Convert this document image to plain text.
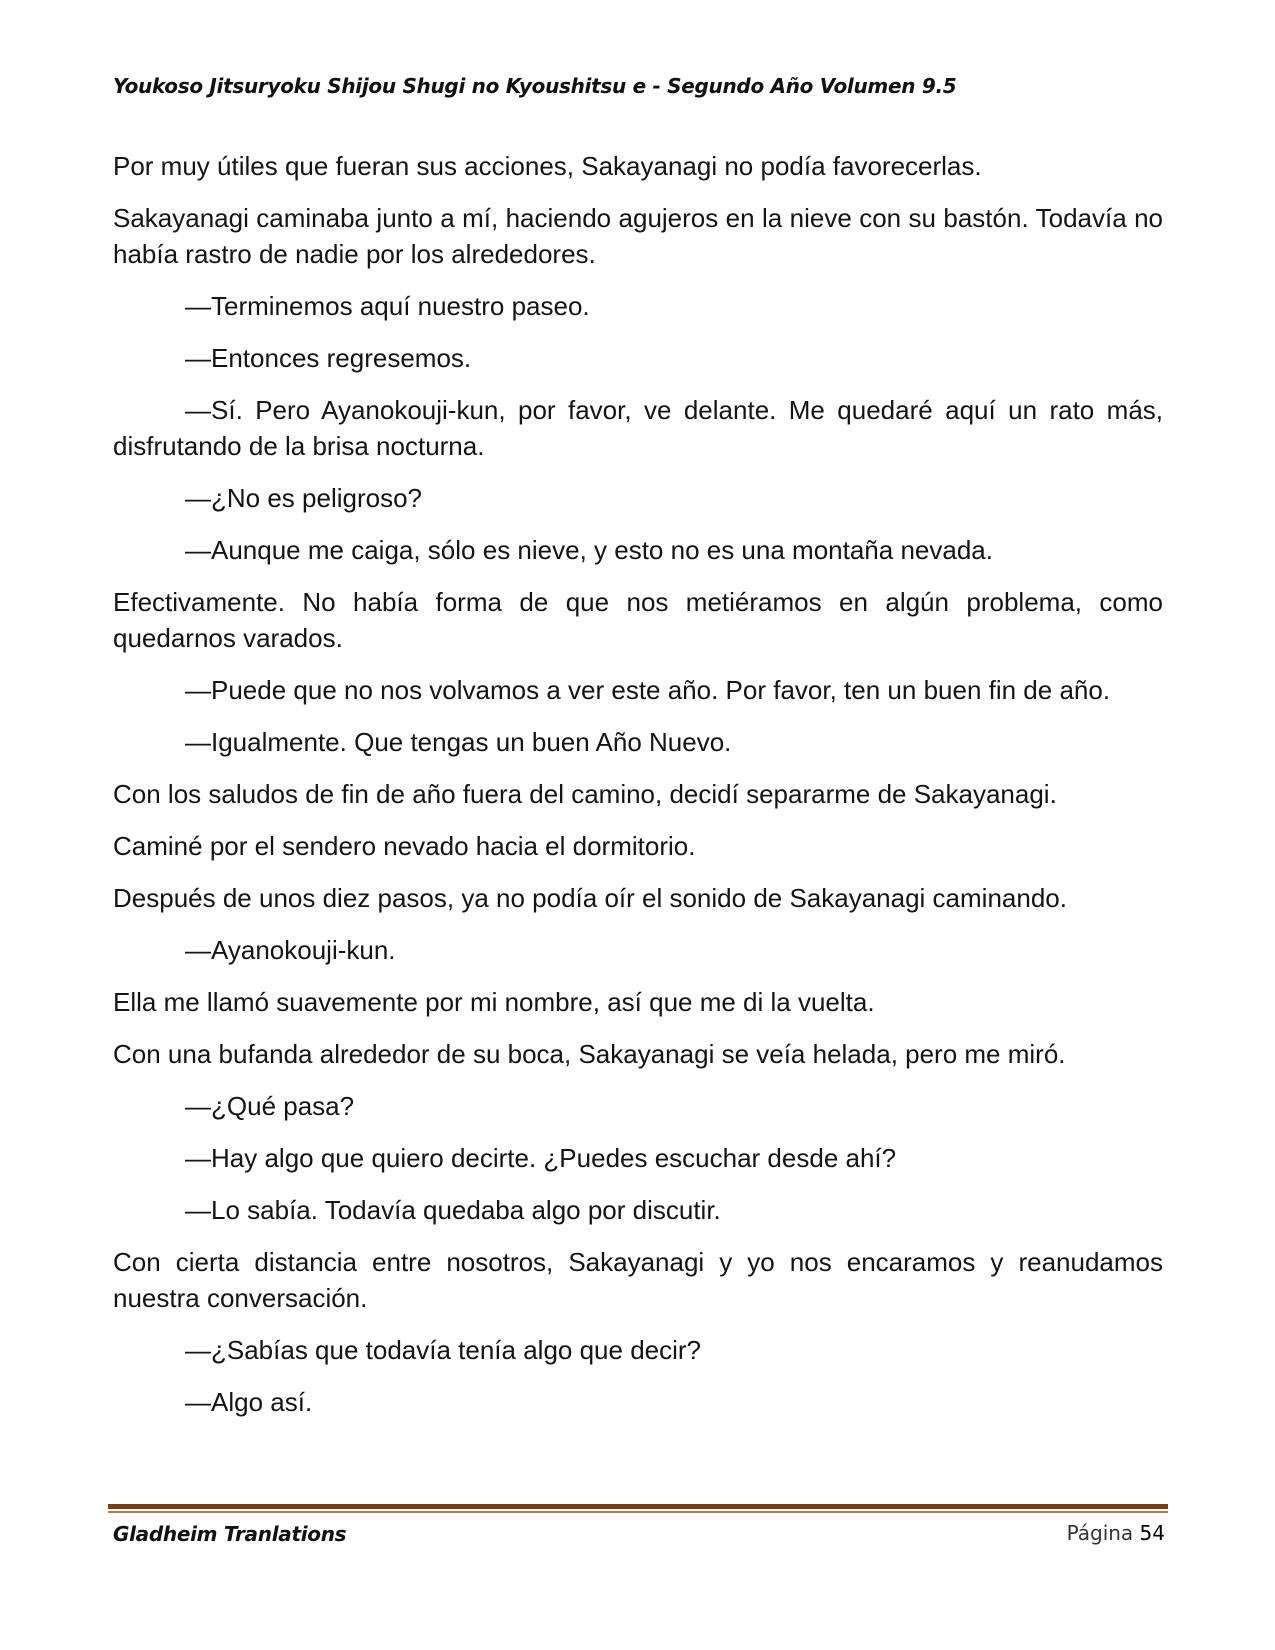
Youkoso Jitsuryoku Shijou Shugi no Kyoushitsu e - Segundo Año Volumen 9.5

Por muy útiles que fueran sus acciones, Sakayanagi no podía favorecerlas.

Sakayanagi caminaba junto a mí, haciendo agujeros en la nieve con su bastón. Todavía no había rastro de nadie por los alrededores.

—Terminemos aquí nuestro paseo.

—Entonces regresemos.

—Sí. Pero Ayanokouji-kun, por favor, ve delante. Me quedaré aquí un rato más, disfrutando de la brisa nocturna.

—¿No es peligroso?

—Aunque me caiga, sólo es nieve, y esto no es una montaña nevada.

Efectivamente. No había forma de que nos metiéramos en algún problema, como quedarnos varados.

—Puede que no nos volvamos a ver este año. Por favor, ten un buen fin de año.

—Igualmente. Que tengas un buen Año Nuevo.

Con los saludos de fin de año fuera del camino, decidí separarme de Sakayanagi.

Caminé por el sendero nevado hacia el dormitorio.

Después de unos diez pasos, ya no podía oír el sonido de Sakayanagi caminando.

—Ayanokouji-kun.

Ella me llamó suavemente por mi nombre, así que me di la vuelta.

Con una bufanda alrededor de su boca, Sakayanagi se veía helada, pero me miró.

—¿Qué pasa?

—Hay algo que quiero decirte. ¿Puedes escuchar desde ahí?

—Lo sabía. Todavía quedaba algo por discutir.

Con cierta distancia entre nosotros, Sakayanagi y yo nos encaramos y reanudamos nuestra conversación.

—¿Sabías que todavía tenía algo que decir?

—Algo así.

Gladheim Tranlations	Página 54
